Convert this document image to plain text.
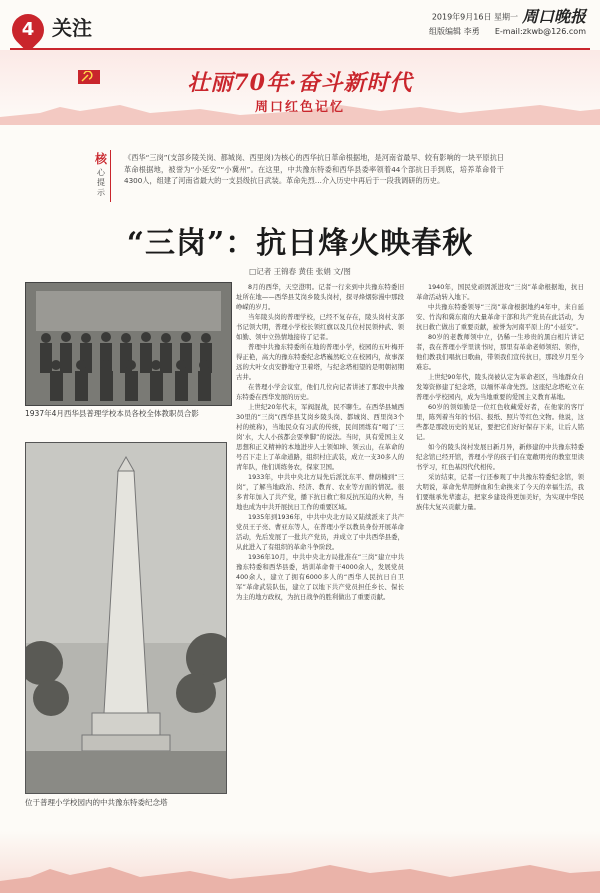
4 关注	2019年9月16日 星期一 周口晚报
组版编辑 李勇 E-mail:zkwb@126.com
壮丽70年·奋斗新时代
周口红色记忆
核
心提示
《西华“三岗”(支部乡陵关岗、都城岗、西里岗)为核心的西华抗日革命根据地，是河南省最早、较有影响的一块平原抗日革命根据地，被誉为“小延安”“小冀州”。在这里，中共豫东特委和西华县委率领着44个部抗日手到底，培养革命骨干4300人，组建了河南省最大的一支县级抗日武装。革命先烈…介入历史中再后于一段我调研的历史。
“三岗”：抗日烽火映春秋
□记者 王锦春 黄佳 张娟 文/图
1937年4月西华县普理学校本员各校全体教职员合影
位于普理小学校园内的中共豫东特委纪念塔

8月的西华，天空澄明。记者一行来到中共豫东特委旧址所在地——西华县艾岗乡陵头岗村，探寻烽烟弥漫中那段峥嵘的岁月。

当年陵头岗的普理学校，已经不复存在，陵头岗村支部书记领大明，普理小学校长领红旗以及几位村民领仲武、领如勤、领中立热情地接待了记者。

普理中共豫东特委所在地的普理小学，校园的五叶梅开得正艳，高大的豫东特委纪念塔巍然屹立在校园内，故事深远的大叶女贞安静地守卫着塔，与纪念塔相望的是明朝初期古井。

在普理小学会议室，他们几位向记者讲述了那段中共豫东特委在西华发展的历史。

上世纪20年代末，军阀混战，民不聊生。在西华县城西30里的“三岗”(西华县艾岗乡陵头岗、都城岗、西里岗3个村的统称)，当地民众有习武的传统，民间团练有“喝了‘三岗’水，大人小孩都会耍拳脚”的说法。当时，具有爱国主义思想和正义精神的本地进步人士领如坤、领云山，在革命的号召下走上了革命道路，组织村庄武装，成立一支30多人的青年队，他们训练务农，保家卫国。

1933年，中共中央北方局先后派沈东平、曹荫楠到“三岗”，了解当地政治、经济、教育、农业等方面的情况。很多青年加入了共产党，播下抗日救亡和反抗压迫的火种，当地也成为中共开展抗日工作的重要区域。

1935年到1936年，中共中央北方局又陆续派来了共产党员王子亮、曹亚东等人，在普理小学以教员身份开展革命活动，先后发展了一批共产党员，并成立了中共西华县委，从此进入了有组织的革命斗争阶段。

1936年10月，中共中央北方局批准在“三岗”建立中共豫东特委和西华县委，培训革命骨干4000余人，发展党员400余人，建立了拥有6000多人的“西华人民抗日自卫军”革命武装队伍，建立了以地下共产党员担任乡长、保长为主的地方政权，为抗日战争的胜利做出了重要贡献。

1940年，国民党顽固派进攻“三岗”革命根据地，抗日革命活动转入地下。

中共豫东特委领导“三岗”革命根据地约4年中，来自延安、竹沟和冀东南的大量革命干部和共产党员在此活动，为抗日救亡做出了重要贡献，被誉为河南平原上的“小延安”。

80岁的老教师领中立，仍稀一生珍贵的黑白相片讲记者，我在普理小学里读书时，那里有革命老师领绍、领作，他们教我们唱抗日歌曲，带领我们宣传抗日，那段岁月至今难忘。

上世纪90年代，陵头岗被认定为革命老区，当地群众自发筹资修建了纪念塔，以缅怀革命先烈。这座纪念塔屹立在普理小学校园内，成为当地重要的爱国主义教育基地。

60岁的领如勤是一位红色收藏爱好者，在他家的客厅里，陈列着当年的书信、报纸、照片等红色文物。他说，这些都是那段历史的见证，要把它们好好保存下来，让后人铭记。

如今的陵头岗村发展日新月异，新修建的中共豫东特委纪念馆已经开馆，普理小学的孩子们在宽敞明亮的教室里读书学习，红色基因代代相传。

采访结束，记者一行还参观了中共豫东特委纪念馆，领大明说，革命先辈用鲜血和生命换来了今天的幸福生活，我们要继承先辈遗志，把家乡建设得更加美好，为实现中华民族伟大复兴贡献力量。
